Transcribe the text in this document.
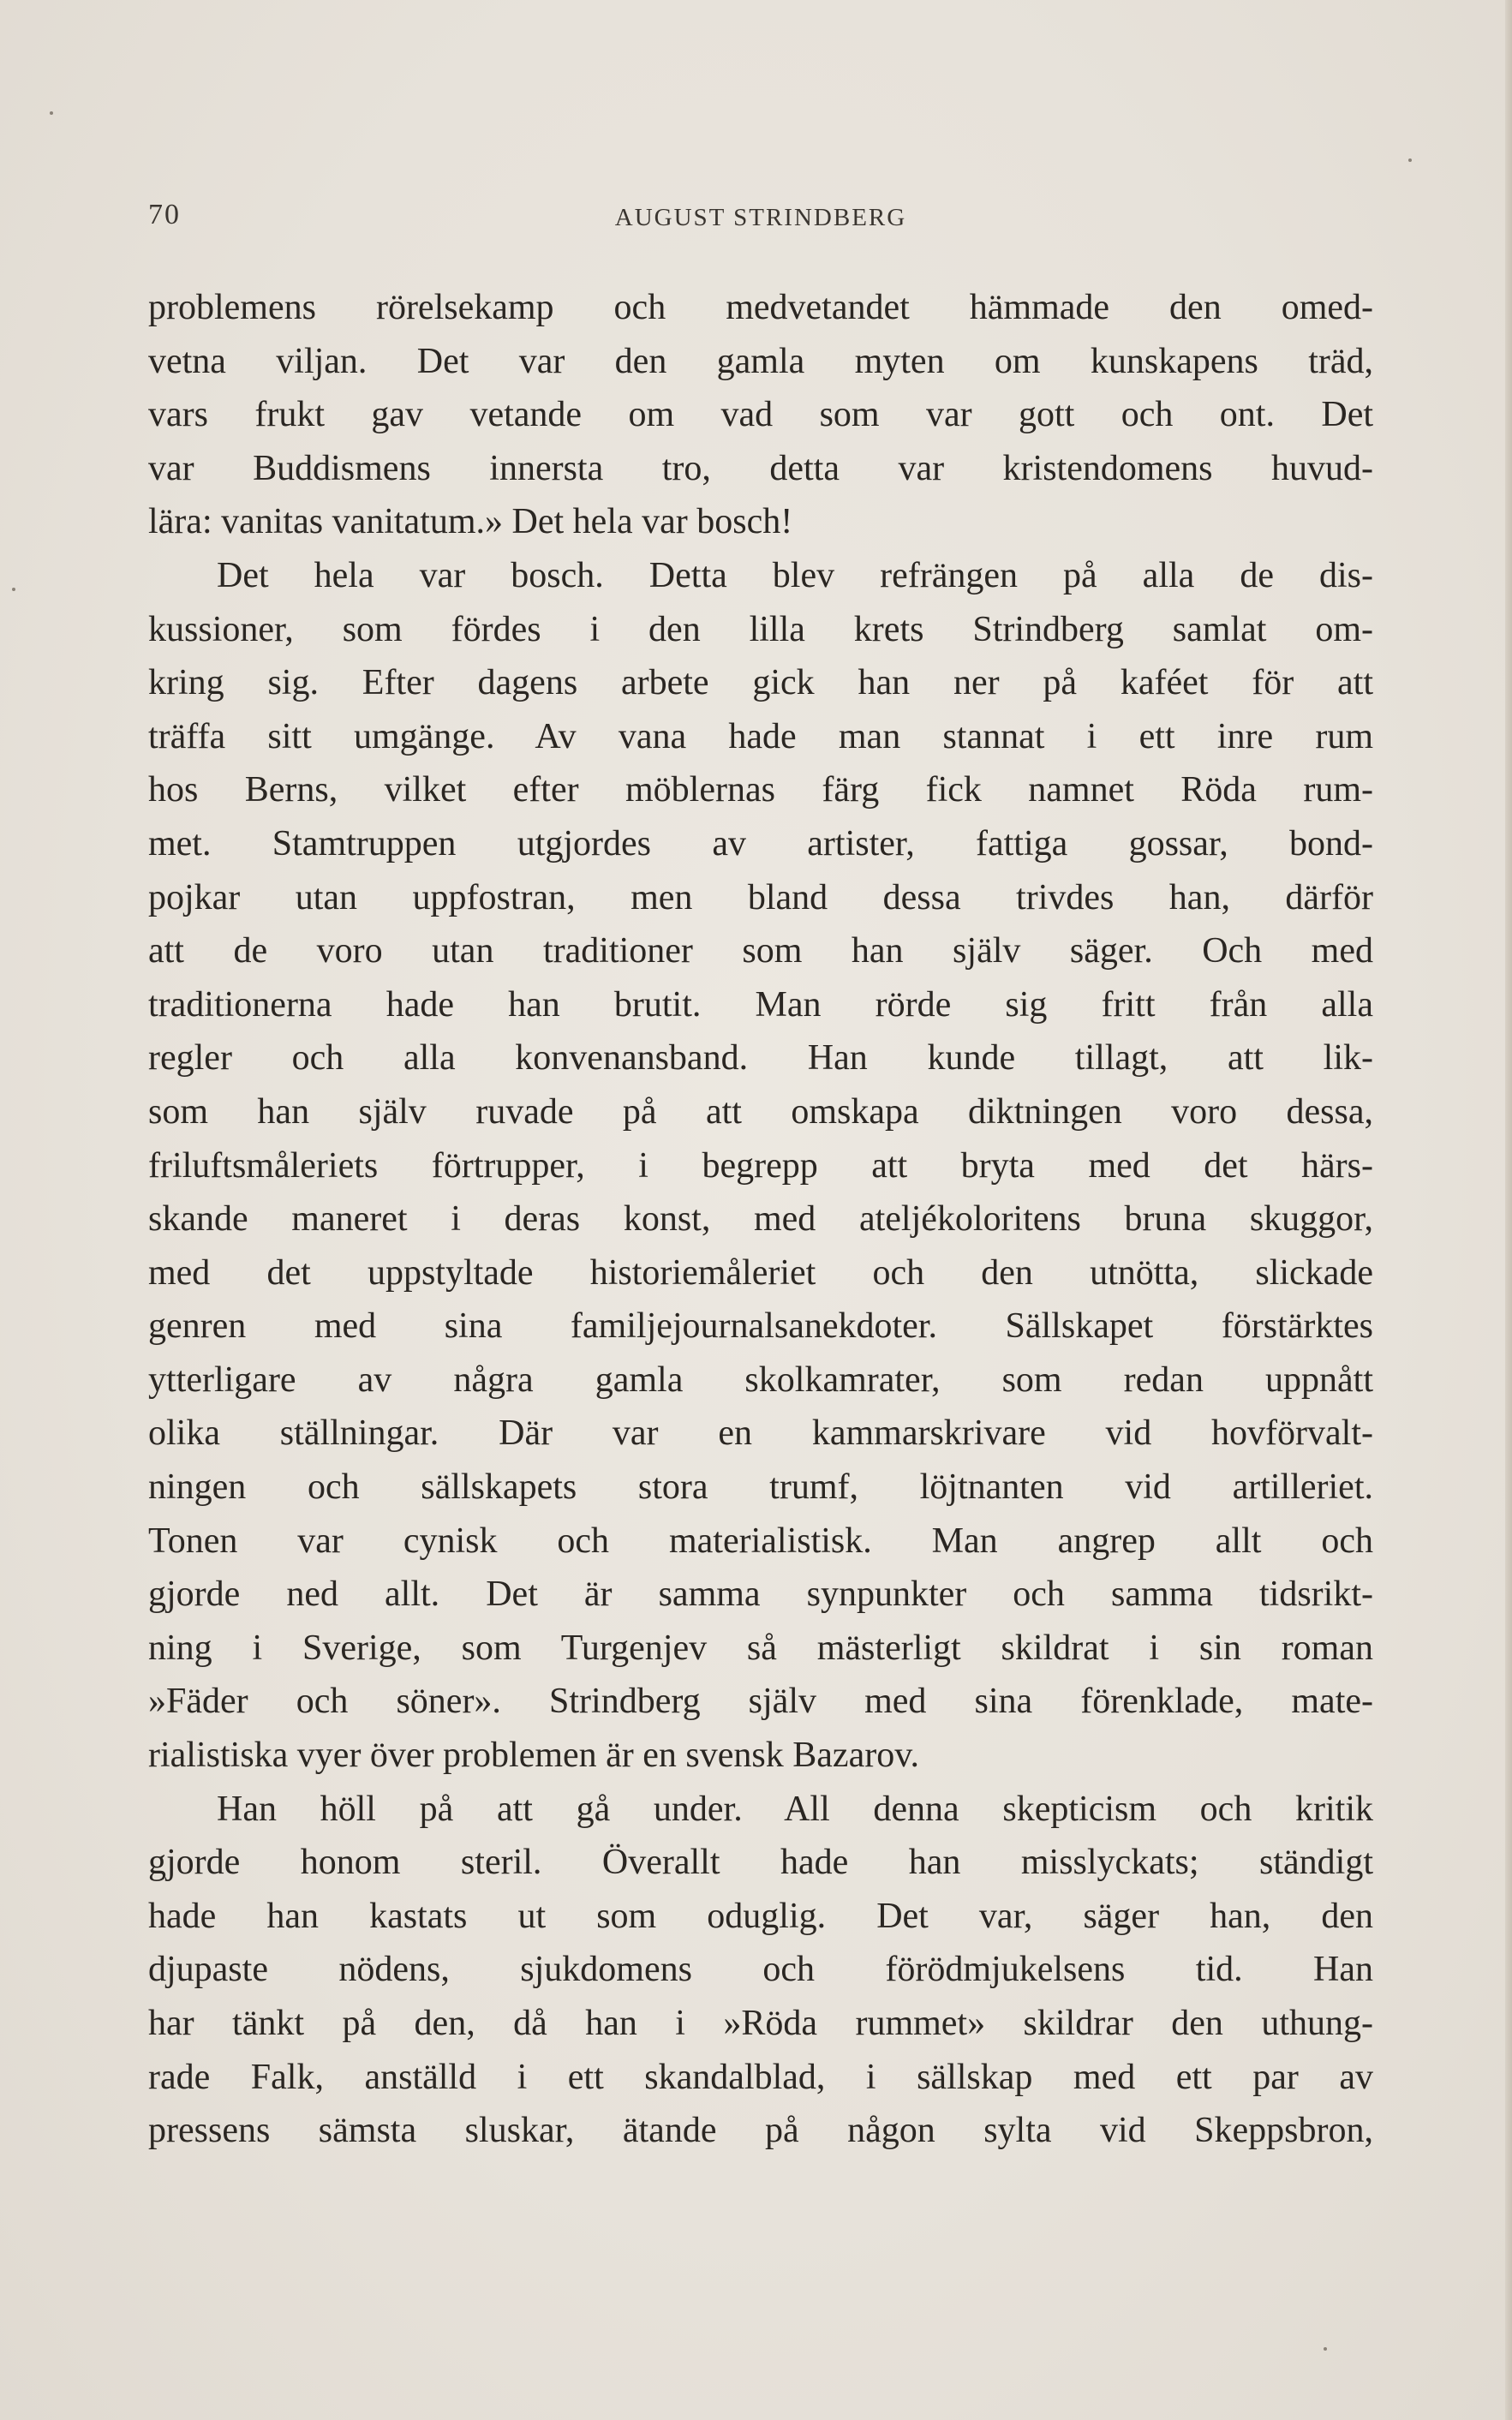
70	AUGUST STRINDBERG
problemens rörelsekamp och medvetandet hämmade den omed-
vetna viljan. Det var den gamla myten om kunskapens träd,
vars frukt gav vetande om vad som var gott och ont. Det
var Buddismens innersta tro, detta var kristendomens huvud-
lära: vanitas vanitatum.» Det hela var bosch!
Det hela var bosch. Detta blev refrängen på alla de dis-
kussioner, som fördes i den lilla krets Strindberg samlat om-
kring sig. Efter dagens arbete gick han ner på kaféet för att
träffa sitt umgänge. Av vana hade man stannat i ett inre rum
hos Berns, vilket efter möblernas färg fick namnet Röda rum-
met. Stamtruppen utgjordes av artister, fattiga gossar, bond-
pojkar utan uppfostran, men bland dessa trivdes han, därför
att de voro utan traditioner som han själv säger. Och med
traditionerna hade han brutit. Man rörde sig fritt från alla
regler och alla konvenansband. Han kunde tillagt, att lik-
som han själv ruvade på att omskapa diktningen voro dessa,
friluftsmåleriets förtrupper, i begrepp att bryta med det härs-
skande maneret i deras konst, med ateljékoloritens bruna skuggor,
med det uppstyltade historiemåleriet och den utnötta, slickade
genren med sina familjejournalsanekdoter. Sällskapet förstärktes
ytterligare av några gamla skolkamrater, som redan uppnått
olika ställningar. Där var en kammarskrivare vid hovförvalt-
ningen och sällskapets stora trumf, löjtnanten vid artilleriet.
Tonen var cynisk och materialistisk. Man angrep allt och
gjorde ned allt. Det är samma synpunkter och samma tidsrikt-
ning i Sverige, som Turgenjev så mästerligt skildrat i sin roman
»Fäder och söner». Strindberg själv med sina förenklade, mate-
rialistiska vyer över problemen är en svensk Bazarov.
Han höll på att gå under. All denna skepticism och kritik
gjorde honom steril. Överallt hade han misslyckats; ständigt
hade han kastats ut som oduglig. Det var, säger han, den
djupaste nödens, sjukdomens och förödmjukelsens tid. Han
har tänkt på den, då han i »Röda rummet» skildrar den uthung-
rade Falk, anställd i ett skandalblad, i sällskap med ett par av
pressens sämsta sluskar, ätande på någon sylta vid Skeppsbron,
